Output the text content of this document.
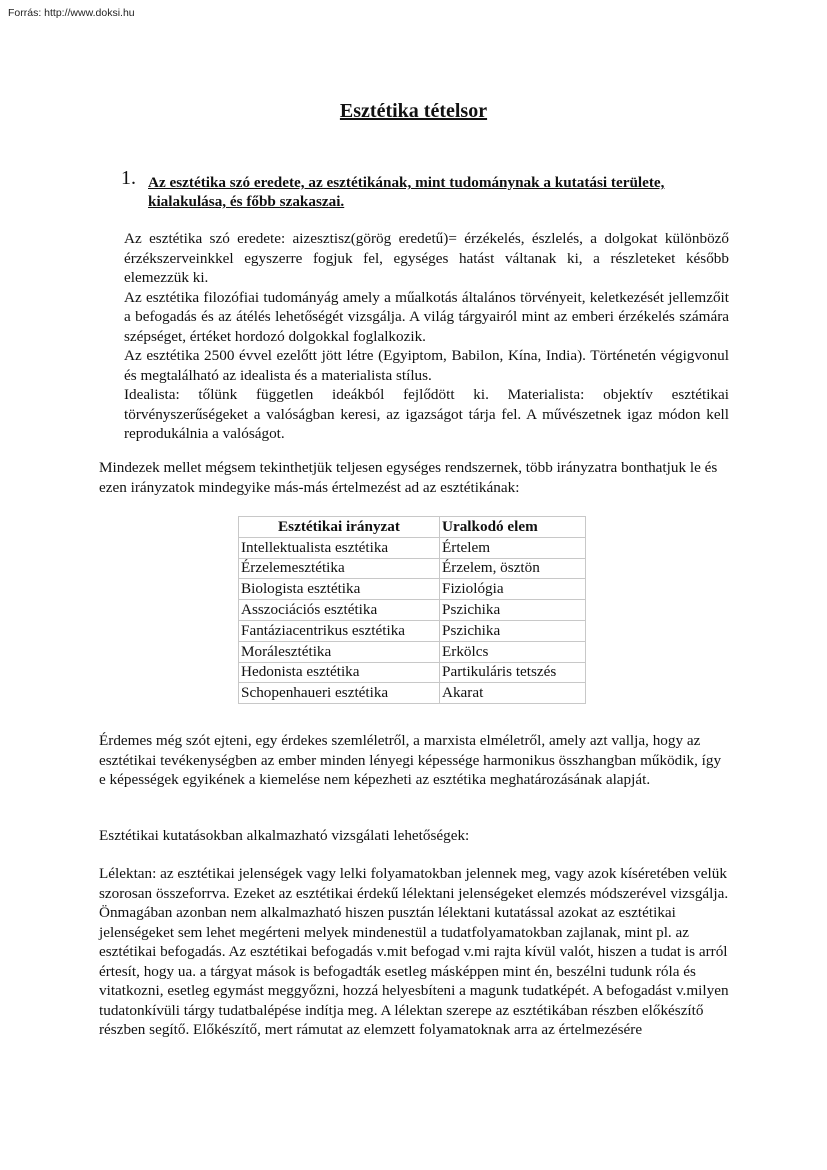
Forrás: http://www.doksi.hu
Esztétika tételsor
1. Az esztétika szó eredete, az esztétikának, mint tudománynak a kutatási területe, kialakulása, és főbb szakaszai.

Az esztétika szó eredete: aizesztisz(görög eredetű)= érzékelés, észlelés, a dolgokat különböző érzékszerveinkkel egyszerre fogjuk fel, egységes hatást váltanak ki, a részleteket később elemezzük ki.

Az esztétika filozófiai tudományág amely a műalkotás általános törvényeit, keletkezését jellemzőit a befogadás és az átélés lehetőségét vizsgálja. A világ tárgyairól mint az emberi érzékelés számára szépséget, értéket hordozó dolgokkal foglalkozik.

Az esztétika 2500 évvel ezelőtt jött létre (Egyiptom, Babilon, Kína, India). Történetén végigvonul és megtalálható az idealista és a materialista stílus.

Idealista: tőlünk független ideákból fejlődött ki. Materialista: objektív esztétikai törvényszerűségeket a valóságban keresi, az igazságot tárja fel. A művészetnek igaz módon kell reprodukálnia a valóságot.

Mindezek mellet mégsem tekinthetjük teljesen egységes rendszernek, több irányzatra bonthatjuk le és ezen irányzatok mindegyike más-más értelmezést ad az esztétikának:

Esztétikai irányzat	Uralkodó elem
Intellektualista esztétika	Értelem
Érzelemesztétika	Érzelem, ösztön
Biologista esztétika	Fiziológia
Asszociációs esztétika	Pszichika
Fantáziacentrikus esztétika	Pszichika
Morálesztétika	Erkölcs
Hedonista esztétika	Partikuláris tetszés
Schopenhaueri esztétika	Akarat

Érdemes még szót ejteni, egy érdekes szemléletről, a marxista elméletről, amely azt vallja, hogy az esztétikai tevékenységben az ember minden lényegi képessége harmonikus összhangban működik, így e képességek egyikének a kiemelése nem képezheti az esztétika meghatározásának alapját.

Esztétikai kutatásokban alkalmazható vizsgálati lehetőségek:

Lélektan: az esztétikai jelenségek vagy lelki folyamatokban jelennek meg, vagy azok kíséretében velük szorosan összeforrva. Ezeket az esztétikai érdekű lélektani jelenségeket elemzés módszerével vizsgálja. Önmagában azonban nem alkalmazható hiszen pusztán lélektani kutatással azokat az esztétikai jelenségeket sem lehet megérteni melyek mindenestül a tudatfolyamatokban zajlanak, mint pl. az esztétikai befogadás. Az esztétikai befogadás v.mit befogad v.mi rajta kívül valót, hiszen a tudat is arról értesít, hogy ua. a tárgyat mások is befogadták esetleg másképpen mint én, beszélni tudunk róla és vitatkozni, esetleg egymást meggyőzni, hozzá helyesbíteni a magunk tudatképét. A befogadást v.milyen tudatonkívüli tárgy tudatbalépése indítja meg. A lélektan szerepe az esztétikában részben előkészítő részben segítő. Előkészítő, mert rámutat az elemzett folyamatoknak arra az értelmezésére
